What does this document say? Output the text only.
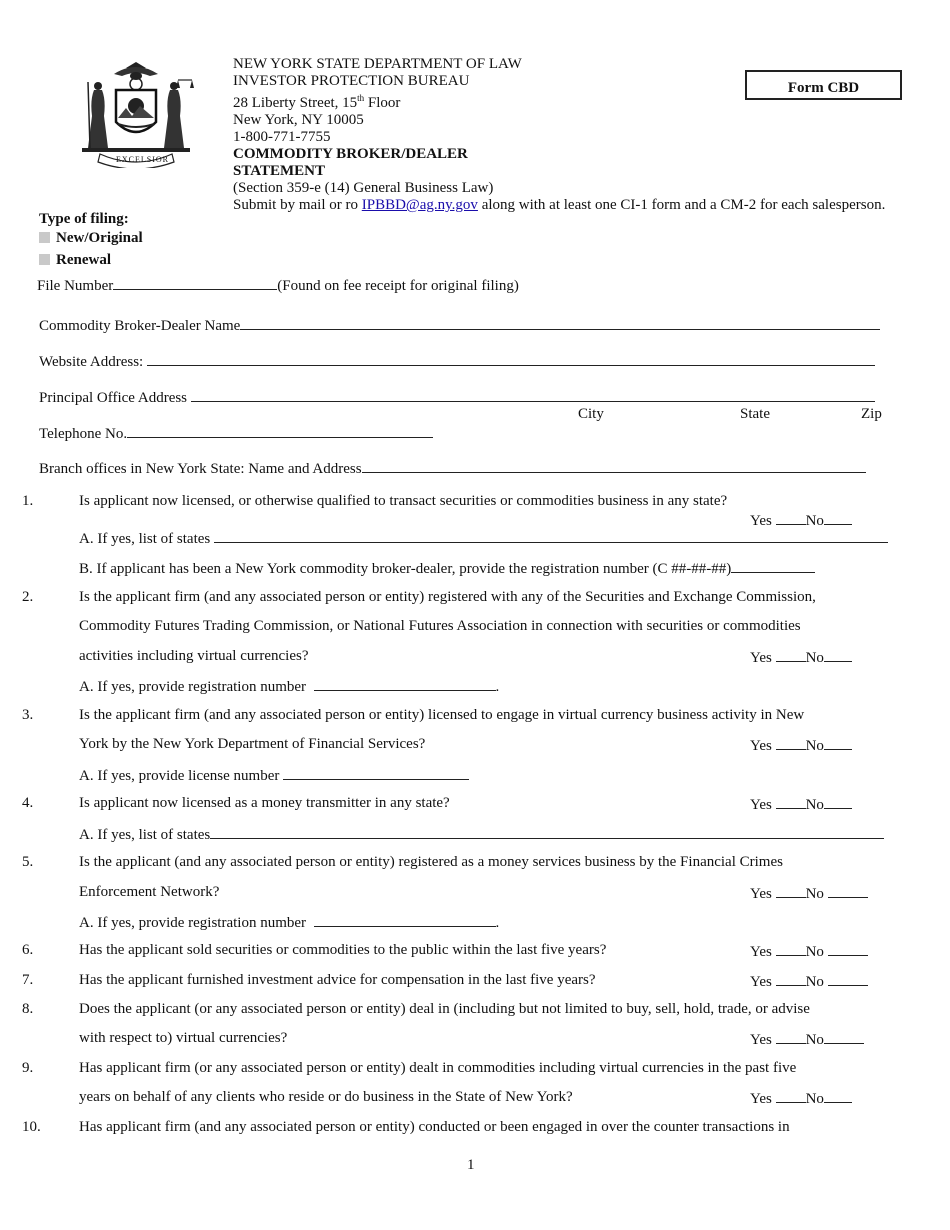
EXCELSIOR
NEW YORK STATE DEPARTMENT OF LAW
INVESTOR PROTECTION BUREAU
28 Liberty Street, 15th Floor
New York, NY 10005
1-800-771-7755
COMMODITY BROKER/DEALER
STATEMENT
(Section 359-e (14) General Business Law)
Submit by mail or ro IPBBD@ag.ny.gov along with at least one CI-1 form and a CM-2 for each salesperson.
Form CBD
Type of filing:
New/Original
Renewal
File Number	(Found on fee receipt for original filing)
Commodity Broker-Dealer Name
Website Address:
Principal Office Address
City	State	Zip
Telephone No.
Branch offices in New York State: Name and Address
1.	Is applicant now licensed, or otherwise qualified to transact securities or commodities business in any state?
Yes No
A. If yes, list of states
B. If applicant has been a New York commodity broker-dealer, provide the registration number (C ##-##-##)
2.	Is the applicant firm (and any associated person or entity) registered with any of the Securities and Exchange Commission,
Commodity Futures Trading Commission, or National Futures Association in connection with securities or commodities
activities including virtual currencies?	Yes No
A. If yes, provide registration number	.
3.	Is the applicant firm (and any associated person or entity) licensed to engage in virtual currency business activity in New
York by the New York Department of Financial Services?	Yes No
A. If yes, provide license number
4.	Is applicant now licensed as a money transmitter in any state?	Yes No
A. If yes, list of states
5.	Is the applicant (and any associated person or entity) registered as a money services business by the Financial Crimes
Enforcement Network?	Yes No
A. If yes, provide registration number	.
6.	Has the applicant sold securities or commodities to the public within the last five years?	Yes No
7.	Has the applicant furnished investment advice for compensation in the last five years?	Yes No
8.	Does the applicant (or any associated person or entity) deal in (including but not limited to buy, sell, hold, trade, or advise
with respect to) virtual currencies?	Yes No
9.	Has applicant firm (or any associated person or entity) dealt in commodities including virtual currencies in the past five
years on behalf of any clients who reside or do business in the State of New York?	Yes No
10.	Has applicant firm (and any associated person or entity) conducted or been engaged in over the counter transactions in
1
